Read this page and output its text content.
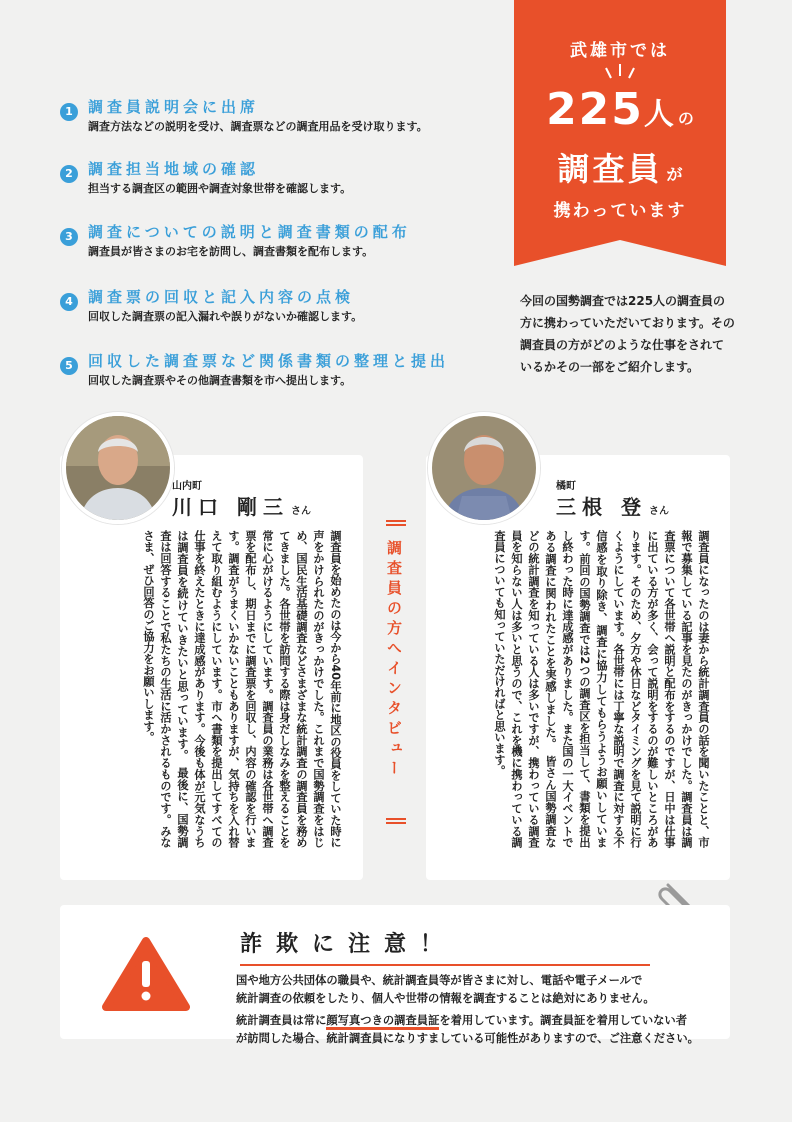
1	調査員説明会に出席
調査方法などの説明を受け、調査票などの調査用品を受け取ります。
2	調査担当地域の確認
担当する調査区の範囲や調査対象世帯を確認します。
3	調査についての説明と調査書類の配布
調査員が皆さまのお宅を訪問し、調査書類を配布します。
4	調査票の回収と記入内容の点検
回収した調査票の記入漏れや誤りがないか確認します。
5	回収した調査票など関係書類の整理と提出
回収した調査票やその他調査書類を市へ提出します。
武雄市では
225人 の
調査員 が
携わっています
今回の国勢調査では225人の調査員の方に携わっていただいております。その調査員の方がどのような仕事をされているかその一部をご紹介します。
山内町
川口 剛三 さん
調査員を始めたのは今から40年前に地区の役員をしていた時に声をかけられたのがきっかけでした。これまで国勢調査をはじめ、国民生活基礎調査などさまざまな統計調査の調査員を務めてきました。各世帯を訪問する際は身だしなみを整えることを常に心がけるようにしています。調査員の業務は各世帯へ調査票を配布し、期日までに調査票を回収し、内容の確認を行います。調査がうまくいかないこともありますが、気持ちを入れ替えて取り組むようにしています。市へ書類を提出してすべての仕事を終えたときに達成感があります。今後も体が元気なうちは調査員を続けていきたいと思っています。　最後に、国勢調査は回答することで私たちの生活に活かされるものです。みなさま、ぜひ回答のご協力をお願いします。	調査員の方へインタビュー
橘町
三根 登 さん
調査員になったのは妻から統計調査員の話を聞いたことと、市報で募集している記事を見たのがきっかけでした。調査員は調査票について各世帯へ説明と配布をするのですが、日中は仕事に出ている方が多く、会って説明をするのが難しいところがあります。そのため、夕方や休日などタイミングを見て説明に行くようにしています。各世帯には丁寧な説明で調査に対する不信感を取り除き、調査に協力してもらうようお願いしています。前回の国勢調査では2つの調査区を担当して、書類を提出し終わった時に達成感がありました。また国の一大イベントである調査に関われたことを実感しました。　皆さん国勢調査などの統計調査を知っている人は多いですが、携わっている調査員を知らない人は多いと思うので、これを機に携わっている調査員についても知っていただければと思います。
詐欺に注意！
国や地方公共団体の職員や、統計調査員等が皆さまに対し、電話や電子メールで
統計調査の依頼をしたり、個人や世帯の情報を調査することは絶対にありません。
統計調査員は常に顔写真つきの調査員証を着用しています。調査員証を着用していない者
が訪問した場合、統計調査員になりすましている可能性がありますので、ご注意ください。
